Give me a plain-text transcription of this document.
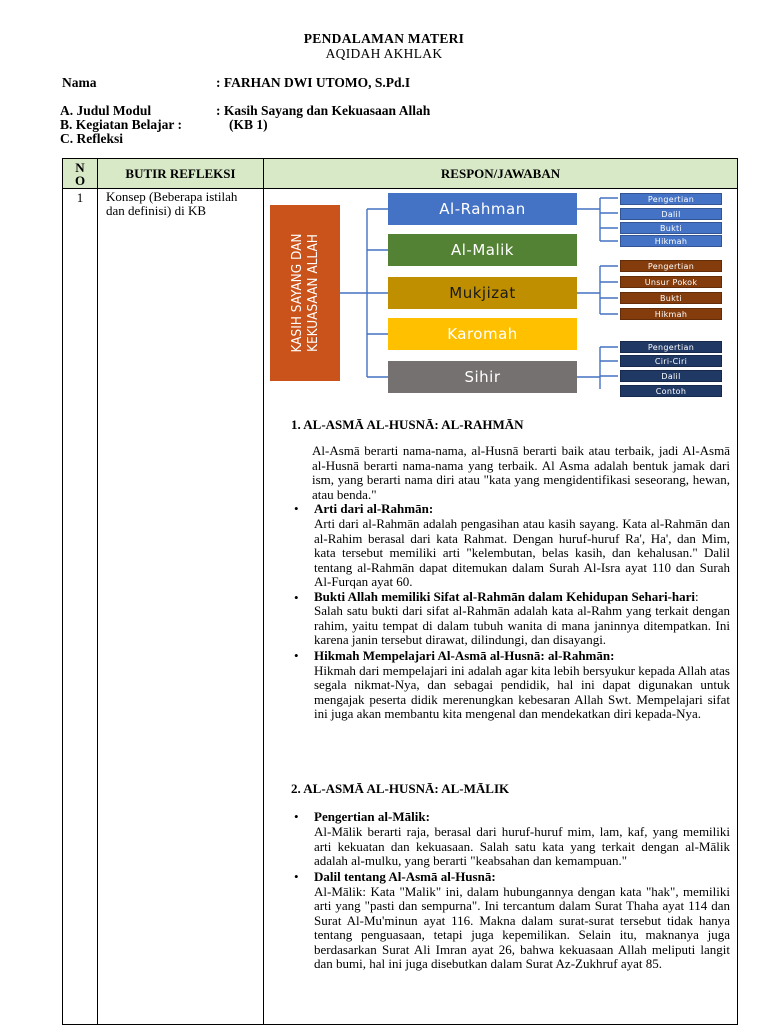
PENDALAMAN MATERI
AQIDAH AKHLAK
Nama	: FARHAN DWI UTOMO, S.Pd.I
A. Judul Modul	: Kasih Sayang dan Kekuasaan Allah
B. Kegiatan Belajar :	(KB 1)
C. Refleksi
N O	BUTIR REFLEKSI	RESPON/JAWABAN
1	Konsep (Beberapa istilah dan definisi) di KB	

KASIH SAYANG DAN KEKUASAAN ALLAH
Al-Rahman
Al-Malik
Mukjizat
Karomah
Sihir
Pengertian
Dalil
Bukti
Hikmah
Pengertian
Unsur Pokok
Bukti
Hikmah
Pengertian
Ciri-Ciri
Dalil
Contoh
1. AL-ASMĀ AL-HUSNĀ: AL-RAHMĀN
Al-Asmā berarti nama-nama, al-Husnā berarti baik atau terbaik, jadi Al-Asmā al-Husnā berarti nama-nama yang terbaik. Al Asma adalah bentuk jamak dari ism, yang berarti nama diri atau "kata yang mengidentifikasi seseorang, hewan, atau benda."
• Arti dari al-Rahmān:
Arti dari al-Rahmān adalah pengasihan atau kasih sayang. Kata al-Rahmān dan al-Rahim berasal dari kata Rahmat. Dengan huruf-huruf Ra', Ha', dan Mim, kata tersebut memiliki arti "kelembutan, belas kasih, dan kehalusan." Dalil tentang al-Rahmān dapat ditemukan dalam Surah Al-Isra ayat 110 dan Surah Al-Furqan ayat 60.
• Bukti Allah memiliki Sifat al-Rahmān dalam Kehidupan Sehari-hari:
Salah satu bukti dari sifat al-Rahmān adalah kata al-Rahm yang terkait dengan rahim, yaitu tempat di dalam tubuh wanita di mana janinnya ditempatkan. Ini karena janin tersebut dirawat, dilindungi, dan disayangi.
• Hikmah Mempelajari Al-Asmā al-Husnā: al-Rahmān:
Hikmah dari mempelajari ini adalah agar kita lebih bersyukur kepada Allah atas segala nikmat-Nya, dan sebagai pendidik, hal ini dapat digunakan untuk mengajak peserta didik merenungkan kebesaran Allah Swt. Mempelajari sifat ini juga akan membantu kita mengenal dan mendekatkan diri kepada-Nya.
2. AL-ASMĀ AL-HUSNĀ: AL-MĀLIK
• Pengertian al-Mālik:
Al-Mālik berarti raja, berasal dari huruf-huruf mim, lam, kaf, yang memiliki arti kekuatan dan kekuasaan. Salah satu kata yang terkait dengan al-Mālik adalah al-mulku, yang berarti "keabsahan dan kemampuan."
• Dalil tentang Al-Asmā al-Husnā:
Al-Mālik: Kata "Malik" ini, dalam hubungannya dengan kata "hak", memiliki arti yang "pasti dan sempurna". Ini tercantum dalam Surat Thaha ayat 114 dan Surat Al-Mu'minun ayat 116. Makna dalam surat-surat tersebut tidak hanya tentang penguasaan, tetapi juga kepemilikan. Selain itu, maknanya juga berdasarkan Surat Ali Imran ayat 26, bahwa kekuasaan Allah meliputi langit dan bumi, hal ini juga disebutkan dalam Surat Az-Zukhruf ayat 85.
